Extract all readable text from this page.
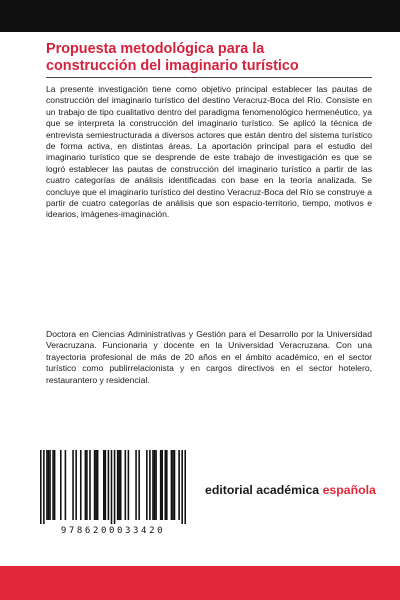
Propuesta metodológica para la
construcción del imaginario turístico

La presente investigación tiene como objetivo principal establecer las pautas de construcción del imaginario turístico del destino Veracruz-Boca del Río. Consiste en un trabajo de tipo cualitativo dentro del paradigma fenomenológico hermenéutico, ya que se interpreta la construcción del imaginario turístico. Se aplicó la técnica de entrevista semiestructurada a diversos actores que están dentro del sistema turístico de forma activa, en distintas áreas. La aportación principal para el estudio del imaginario turístico que se desprende de este trabajo de investigación es que se logró establecer las pautas de construcción del imaginario turístico a partir de las cuatro categorías de análisis identificadas con base en la teoría analizada. Se concluye que el imaginario turístico del destino Veracruz-Boca del Río se construye a partir de cuatro categorías de análisis que son espacio-territorio, tiempo, motivos e idearios, imágenes-imaginación.

Doctora en Ciencias Administrativas y Gestión para el Desarrollo por la Universidad Veracruzana. Funcionaria y docente en la Universidad Veracruzana. Con una trayectoria profesional de más de 20 años en el ámbito académico, en el sector turístico como publirrelacionista y en cargos directivos en el sector hotelero, restaurantero y residencial.

9786200033420

editorial académica española
